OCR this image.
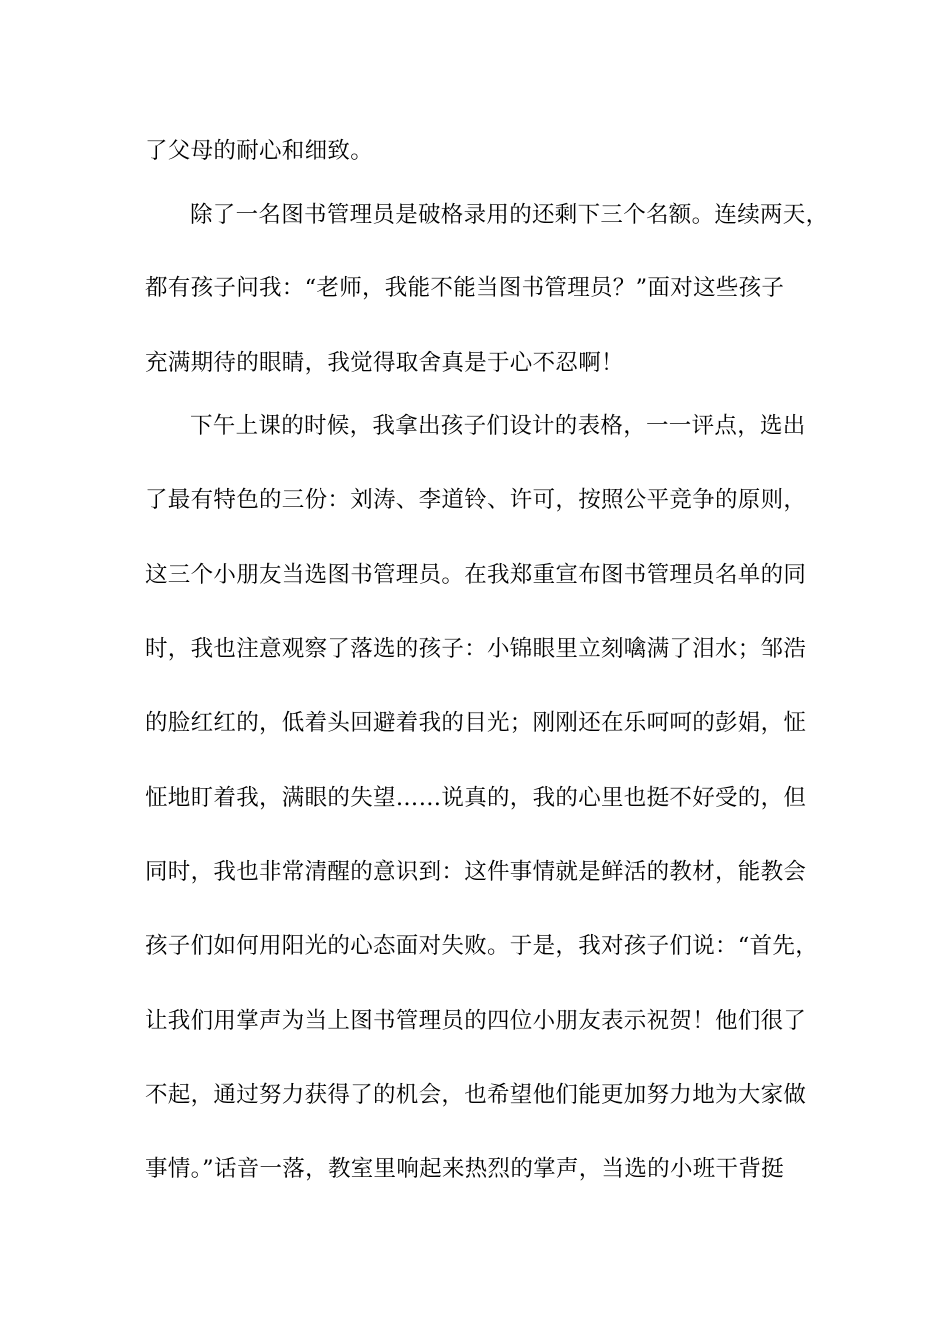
了父母的耐心和细致。

除了一名图书管理员是破格录用的还剩下三个名额。连续两天，

都有孩子问我：“老师，我能不能当图书管理员？”面对这些孩子

充满期待的眼睛，我觉得取舍真是于心不忍啊！

下午上课的时候，我拿出孩子们设计的表格，一一评点，选出

了最有特色的三份：刘涛、李道铃、许可，按照公平竞争的原则，

这三个小朋友当选图书管理员。在我郑重宣布图书管理员名单的同

时，我也注意观察了落选的孩子：小锦眼里立刻噙满了泪水；邹浩

的脸红红的，低着头回避着我的目光；刚刚还在乐呵呵的彭娟，怔

怔地盯着我，满眼的失望……说真的，我的心里也挺不好受的，但

同时，我也非常清醒的意识到：这件事情就是鲜活的教材，能教会

孩子们如何用阳光的心态面对失败。于是，我对孩子们说：“首先，

让我们用掌声为当上图书管理员的四位小朋友表示祝贺！他们很了

不起，通过努力获得了的机会，也希望他们能更加努力地为大家做

事情。”话音一落，教室里响起来热烈的掌声，当选的小班干背挺
